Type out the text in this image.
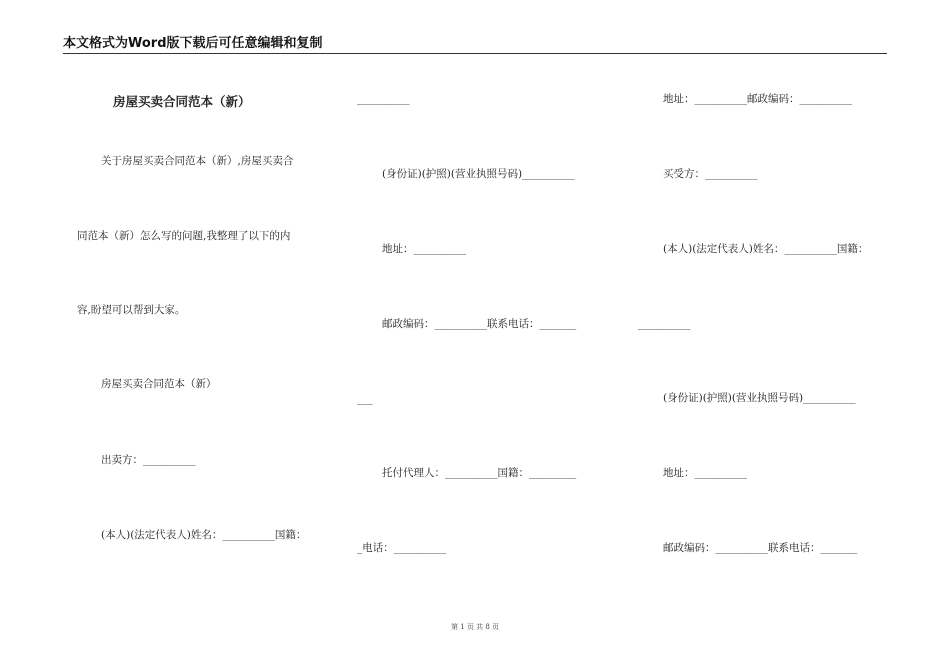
本文格式为Word版下载后可任意编辑和复制
房屋买卖合同范本（新）
关于房屋买卖合同范本（新）,房屋买卖合
同范本（新）怎么写的问题,我整理了以下的内
容,盼望可以帮到大家。
房屋买卖合同范本（新）
出卖方：__________
(本人)(法定代表人)姓名：__________国籍：
__________
(身份证)(护照)(营业执照号码)__________
地址：__________
邮政编码：__________联系电话：_______	__________
___
托付代理人：__________国籍：_________
_电话：__________
地址：__________邮政编码：__________
买受方：__________
(本人)(法定代表人)姓名：__________国籍：
(身份证)(护照)(营业执照号码)__________
地址：__________
邮政编码：__________联系电话：_______
第 1 页 共 8 页
